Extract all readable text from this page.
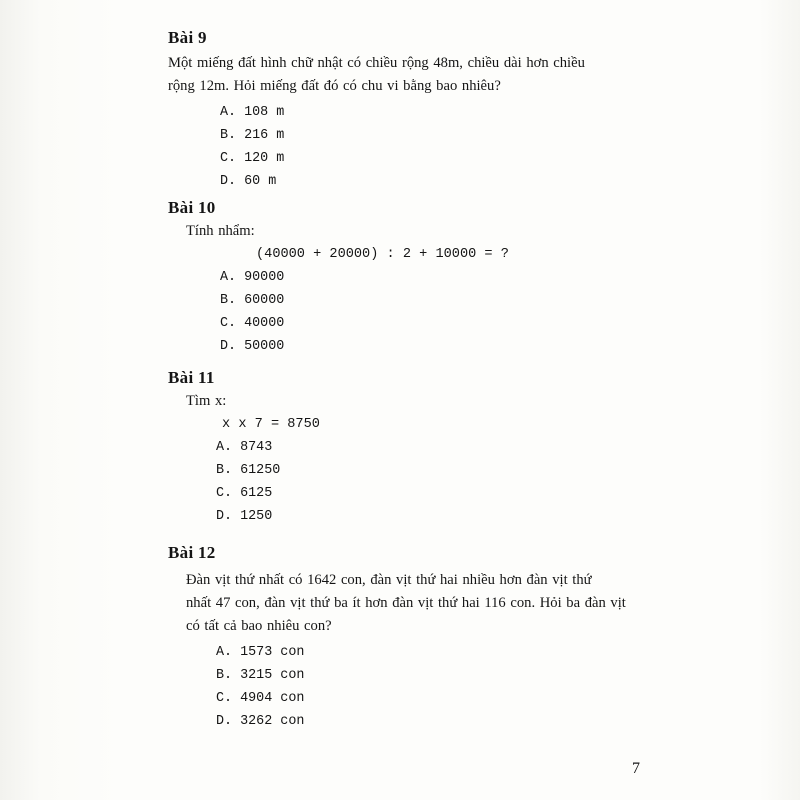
Bài 9

Một miếng đất hình chữ nhật có chiều rộng 48m, chiều dài hơn chiều

rộng 12m. Hỏi miếng đất đó có chu vi bằng bao nhiêu?

A. 108 m
B. 216 m
C. 120 m
D. 60 m

Bài 10

Tính nhẩm:

(40000 + 20000) : 2 + 10000 = ?

A. 90000
B. 60000
C. 40000
D. 50000

Bài 11

Tìm x:

x x 7 = 8750

A. 8743
B. 61250
C. 6125
D. 1250

Bài 12

Đàn vịt thứ nhất có 1642 con, đàn vịt thứ hai nhiều hơn đàn vịt thứ

nhất 47 con, đàn vịt thứ ba ít hơn đàn vịt thứ hai 116 con. Hỏi ba đàn vịt

có tất cả bao nhiêu con?

A. 1573 con
B. 3215 con
C. 4904 con
D. 3262 con
7
